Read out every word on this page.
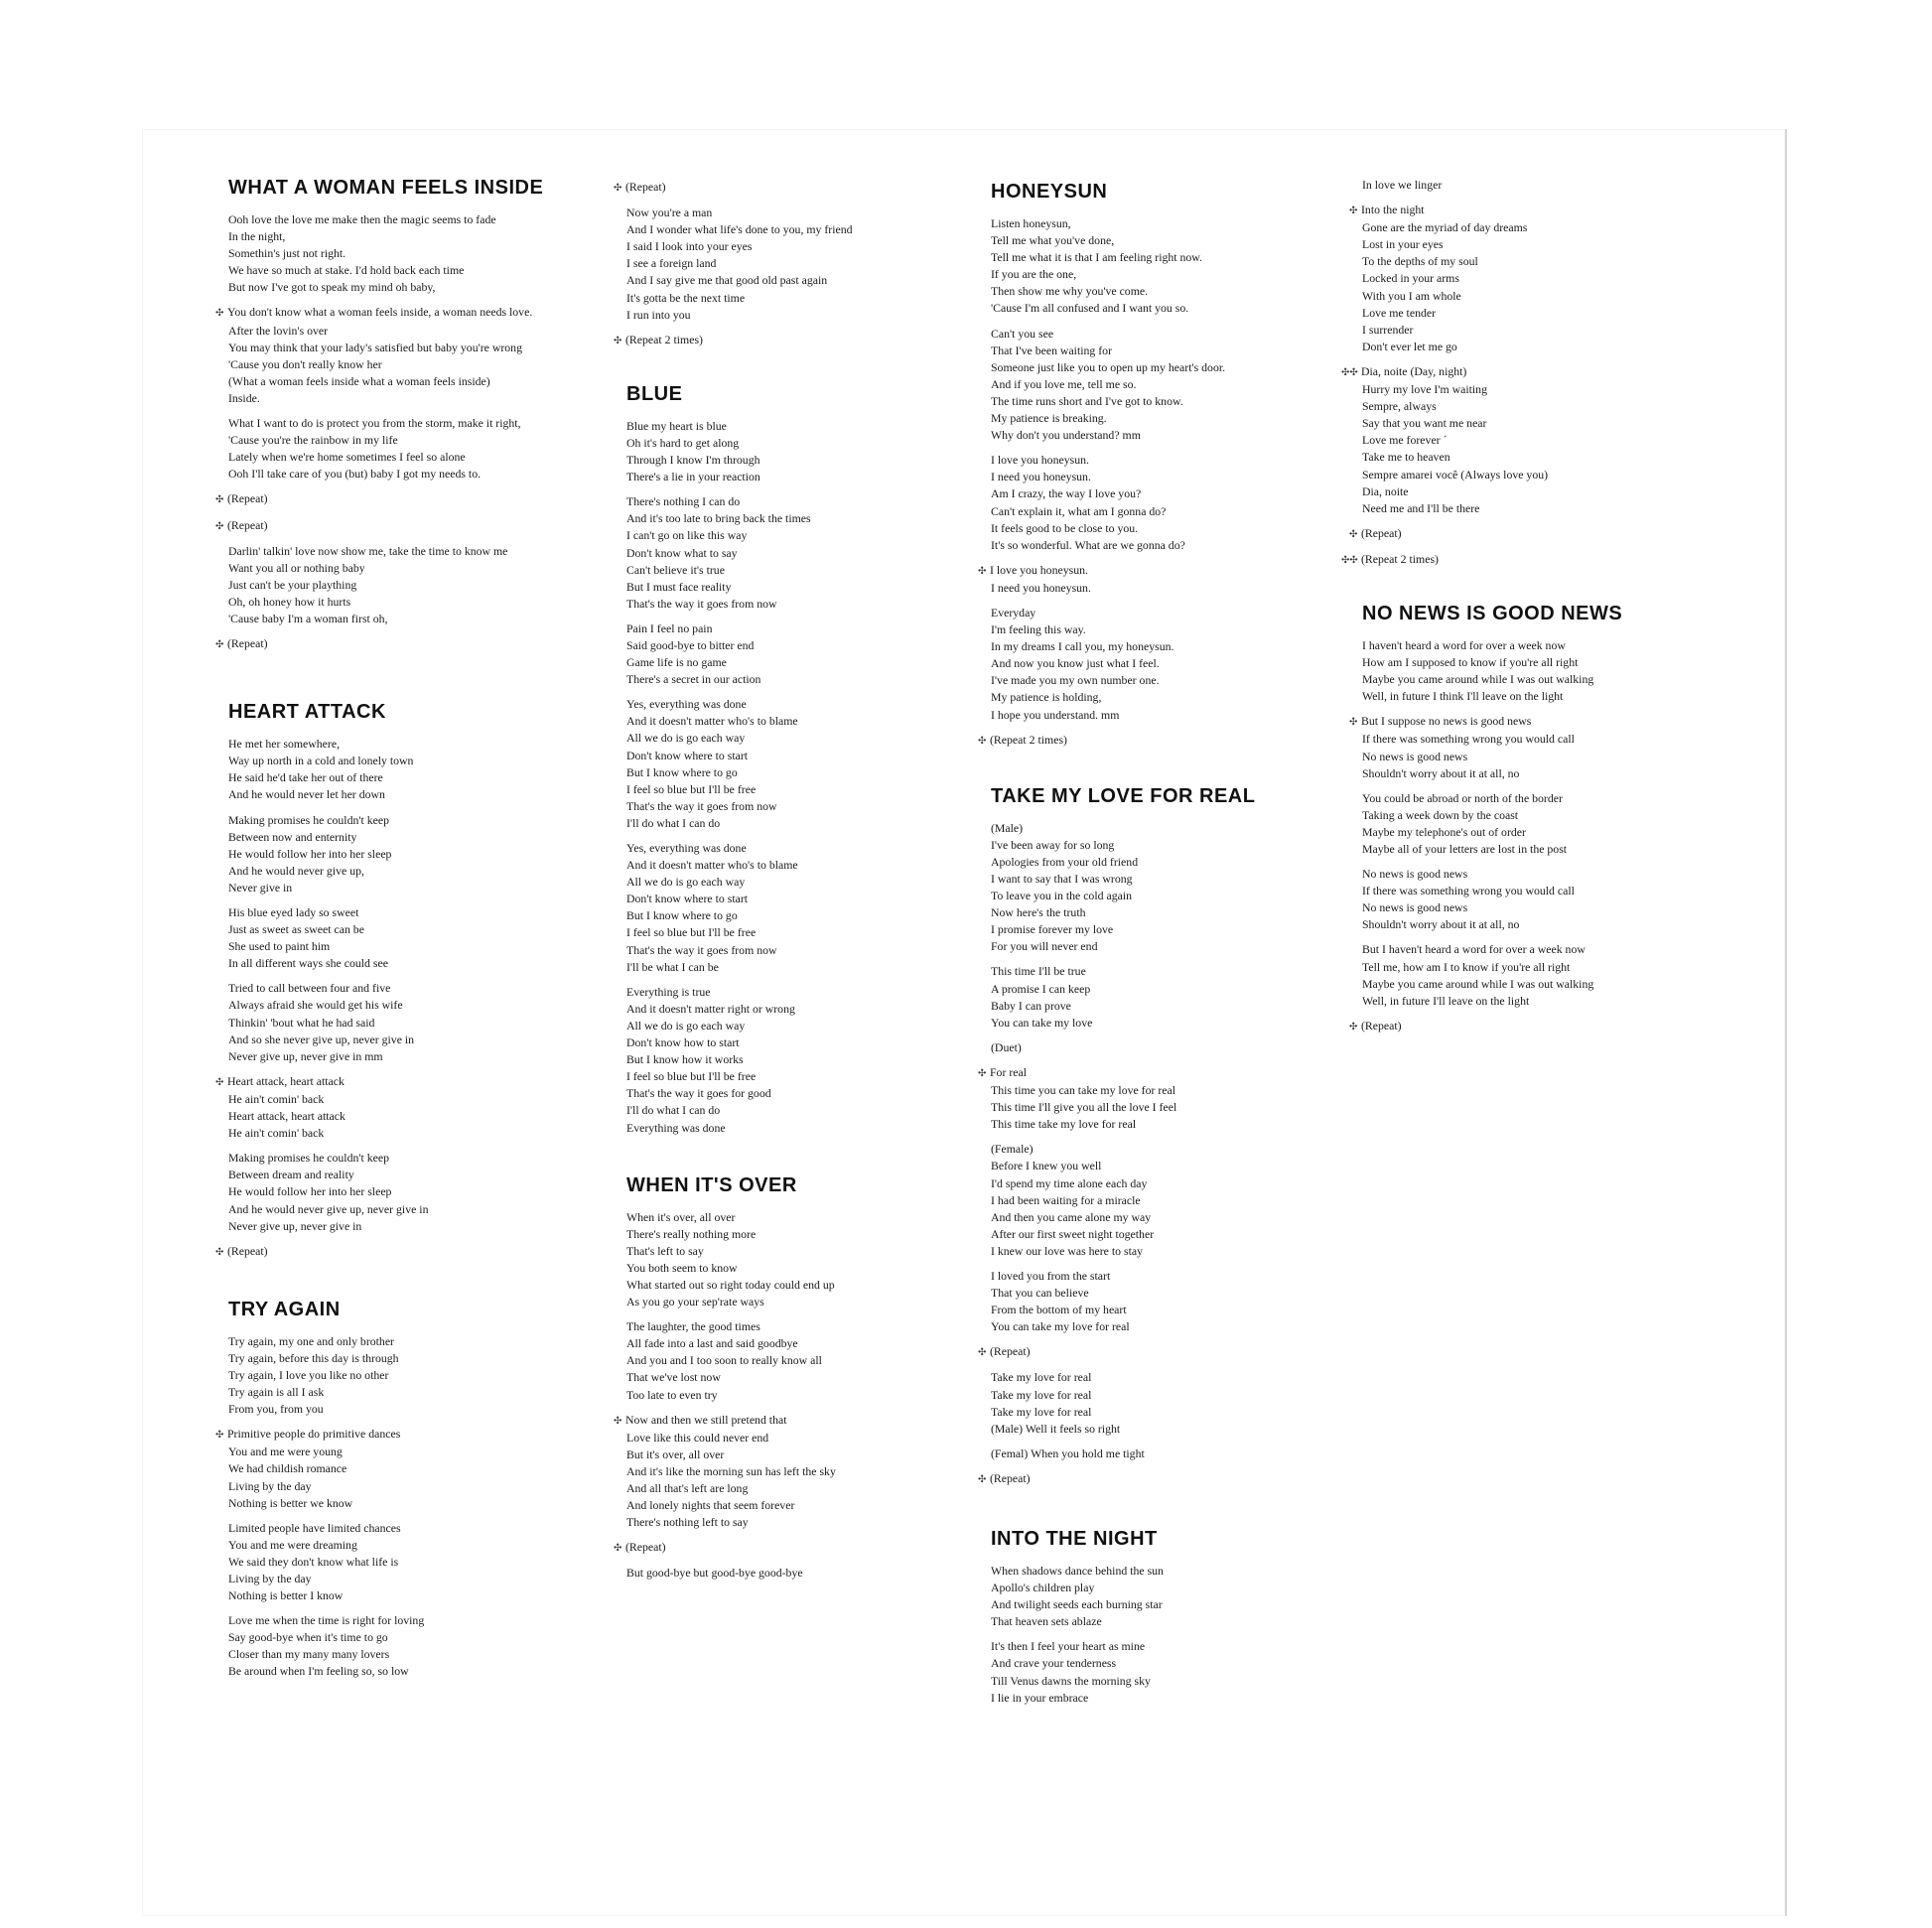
WHAT A WOMAN FEELS INSIDE
Ooh love the love me make then the magic seems to fade
In the night,
Somethin's just not right.
We have so much at stake. I'd hold back each time
But now I've got to speak my mind oh baby,
✣ You don't know what a woman feels inside, a woman needs love.
After the lovin's over
You may think that your lady's satisfied but baby you're wrong
'Cause you don't really know her
(What a woman feels inside what a woman feels inside)
Inside.
What I want to do is protect you from the storm, make it right,
'Cause you're the rainbow in my life
Lately when we're home sometimes I feel so alone
Ooh I'll take care of you (but) baby I got my needs to.
✣ (Repeat)
✣ (Repeat)
Darlin' talkin' love now show me, take the time to know me
Want you all or nothing baby
Just can't be your plaything
Oh, oh honey how it hurts
'Cause baby I'm a woman first oh,
✣ (Repeat)
HEART ATTACK
He met her somewhere,
Way up north in a cold and lonely town
He said he'd take her out of there
And he would never let her down
Making promises he couldn't keep
Between now and enternity
He would follow her into her sleep
And he would never give up,
Never give in
His blue eyed lady so sweet
Just as sweet as sweet can be
She used to paint him
In all different ways she could see
Tried to call between four and five
Always afraid she would get his wife
Thinkin' 'bout what he had said
And so she never give up, never give in
Never give up, never give in mm
✣ Heart attack, heart attack
He ain't comin' back
Heart attack, heart attack
He ain't comin' back
Making promises he couldn't keep
Between dream and reality
He would follow her into her sleep
And he would never give up, never give in
Never give up, never give in
✣ (Repeat)
TRY AGAIN
Try again, my one and only brother
Try again, before this day is through
Try again, I love you like no other
Try again is all I ask
From you, from you
✣ Primitive people do primitive dances
You and me were young
We had childish romance
Living by the day
Nothing is better we know
Limited people have limited chances
You and me were dreaming
We said they don't know what life is
Living by the day
Nothing is better I know
Love me when the time is right for loving
Say good-bye when it's time to go
Closer than my many many lovers
Be around when I'm feeling so, so low
✣ (Repeat)
Now you're a man
And I wonder what life's done to you, my friend
I said I look into your eyes
I see a foreign land
And I say give me that good old past again
It's gotta be the next time
I run into you
✣ (Repeat 2 times)
BLUE
Blue my heart is blue
Oh it's hard to get along
Through I know I'm through
There's a lie in your reaction
There's nothing I can do
And it's too late to bring back the times
I can't go on like this way
Don't know what to say
Can't believe it's true
But I must face reality
That's the way it goes from now
Pain I feel no pain
Said good-bye to bitter end
Game life is no game
There's a secret in our action
Yes, everything was done
And it doesn't matter who's to blame
All we do is go each way
Don't know where to start
But I know where to go
I feel so blue but I'll be free
That's the way it goes from now
I'll do what I can do
Yes, everything was done
And it doesn't matter who's to blame
All we do is go each way
Don't know where to start
But I know where to go
I feel so blue but I'll be free
That's the way it goes from now
I'll be what I can be
Everything is true
And it doesn't matter right or wrong
All we do is go each way
Don't know how to start
But I know how it works
I feel so blue but I'll be free
That's the way it goes for good
I'll do what I can do
Everything was done
WHEN IT'S OVER
When it's over, all over
There's really nothing more
That's left to say
You both seem to know
What started out so right today could end up
As you go your sep'rate ways
The laughter, the good times
All fade into a last and said goodbye
And you and I too soon to really know all
That we've lost now
Too late to even try
✣ Now and then we still pretend that
Love like this could never end
But it's over, all over
And it's like the morning sun has left the sky
And all that's left are long
And lonely nights that seem forever
There's nothing left to say
✣ (Repeat)
But good-bye but good-bye good-bye
HONEYSUN
Listen honeysun,
Tell me what you've done,
Tell me what it is that I am feeling right now.
If you are the one,
Then show me why you've come.
'Cause I'm all confused and I want you so.
Can't you see
That I've been waiting for
Someone just like you to open up my heart's door.
And if you love me, tell me so.
The time runs short and I've got to know.
My patience is breaking.
Why don't you understand? mm
I love you honeysun.
I need you honeysun.
Am I crazy, the way I love you?
Can't explain it, what am I gonna do?
It feels good to be close to you.
It's so wonderful. What are we gonna do?
✣ I love you honeysun.
I need you honeysun.
Everyday
I'm feeling this way.
In my dreams I call you, my honeysun.
And now you know just what I feel.
I've made you my own number one.
My patience is holding,
I hope you understand. mm
✣ (Repeat 2 times)
TAKE MY LOVE FOR REAL
(Male)
I've been away for so long
Apologies from your old friend
I want to say that I was wrong
To leave you in the cold again
Now here's the truth
I promise forever my love
For you will never end
This time I'll be true
A promise I can keep
Baby I can prove
You can take my love
(Duet)
✣ For real
This time you can take my love for real
This time I'll give you all the love I feel
This time take my love for real
(Female)
Before I knew you well
I'd spend my time alone each day
I had been waiting for a miracle
And then you came alone my way
After our first sweet night together
I knew our love was here to stay
I loved you from the start
That you can believe
From the bottom of my heart
You can take my love for real
✣ (Repeat)
Take my love for real
Take my love for real
Take my love for real
(Male) Well it feels so right
(Femal) When you hold me tight
✣ (Repeat)
INTO THE NIGHT
When shadows dance behind the sun
Apollo's children play
And twilight seeds each burning star
That heaven sets ablaze
It's then I feel your heart as mine
And crave your tenderness
Till Venus dawns the morning sky
I lie in your embrace
In love we linger
✣ Into the night
Gone are the myriad of day dreams
Lost in your eyes
To the depths of my soul
Locked in your arms
With you I am whole
Love me tender
I surrender
Don't ever let me go
✣✣ Dia, noite (Day, night)
Hurry my love I'm waiting
Sempre, always
Say that you want me near
Love me forever ´
Take me to heaven
Sempre amarei você (Always love you)
Dia, noite
Need me and I'll be there
✣ (Repeat)
✣✣ (Repeat 2 times)
NO NEWS IS GOOD NEWS
I haven't heard a word for over a week now
How am I supposed to know if you're all right
Maybe you came around while I was out walking
Well, in future I think I'll leave on the light
✣ But I suppose no news is good news
If there was something wrong you would call
No news is good news
Shouldn't worry about it at all, no
You could be abroad or north of the border
Taking a week down by the coast
Maybe my telephone's out of order
Maybe all of your letters are lost in the post
No news is good news
If there was something wrong you would call
No news is good news
Shouldn't worry about it at all, no
But I haven't heard a word for over a week now
Tell me, how am I to know if you're all right
Maybe you came around while I was out walking
Well, in future I'll leave on the light
✣ (Repeat)
